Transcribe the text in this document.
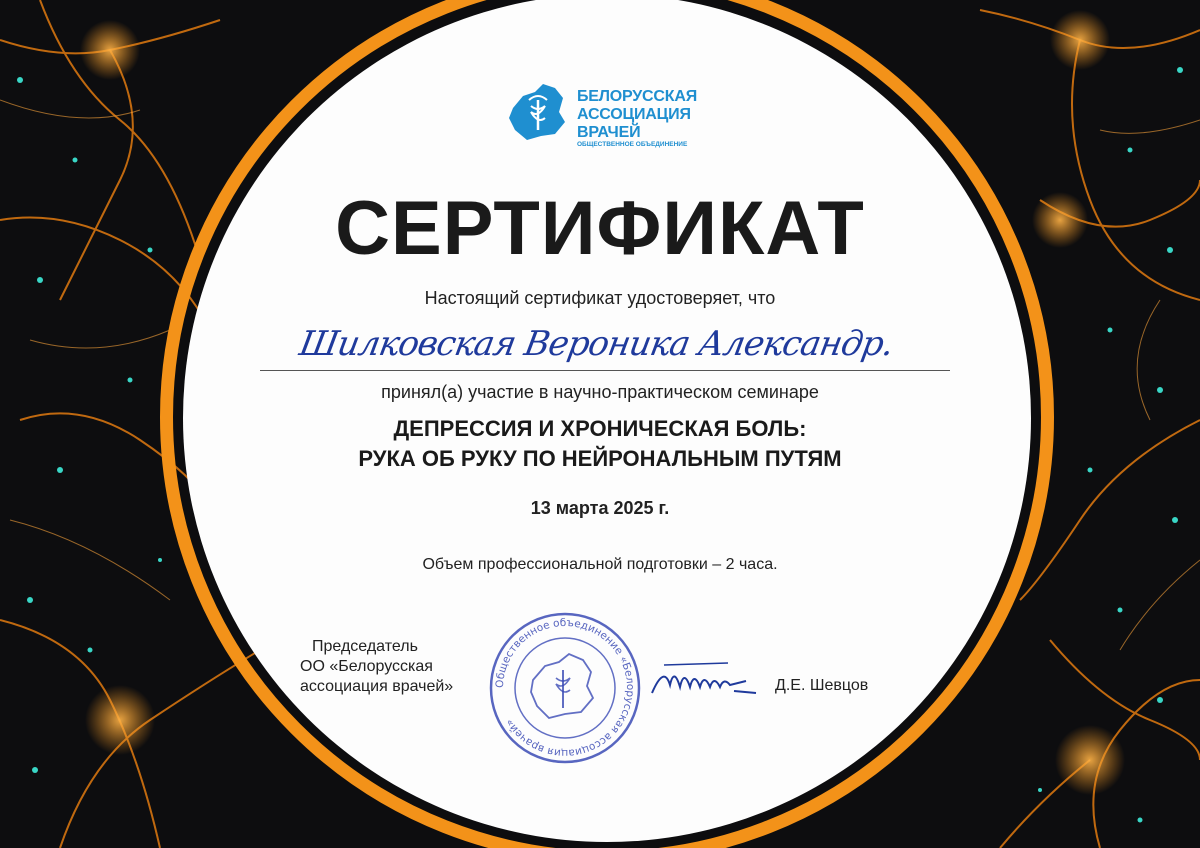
БЕЛОРУССКАЯ
АССОЦИАЦИЯ
ВРАЧЕЙ
ОБЩЕСТВЕННОЕ ОБЪЕДИНЕНИЕ
СЕРТИФИКАТ
Настоящий сертификат удостоверяет, что
Шилковская Вероника Александр.
принял(а) участие в научно-практическом семинаре
ДЕПРЕССИЯ И ХРОНИЧЕСКАЯ БОЛЬ:
РУКА ОБ РУКУ ПО НЕЙРОНАЛЬНЫМ ПУТЯМ
13 марта 2025 г.
Объем профессиональной подготовки – 2 часа.
Председатель
ОО «Белорусская
ассоциация врачей»	Общественное объединение «Белорусская ассоциация врачей»
Д.Е. Шевцов
